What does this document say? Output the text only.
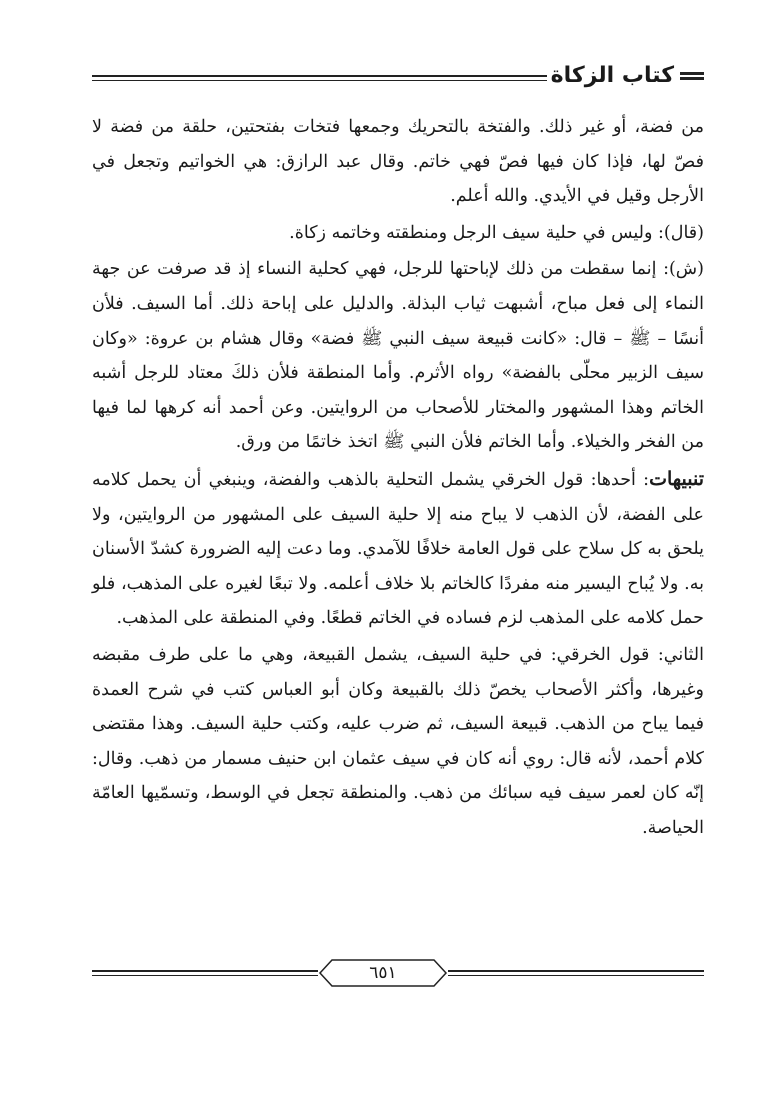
كتاب الزكاة

من فضة، أو غير ذلك. والفتخة بالتحريك وجمعها فتخات بفتحتين، حلقة من فضة لا فصّ لها، فإذا كان فيها فصّ فهي خاتم. وقال عبد الرازق: هي الخواتيم وتجعل في الأرجل وقيل في الأيدي. والله أعلم.

(قال): وليس في حلية سيف الرجل ومنطقته وخاتمه زكاة.

(ش): إنما سقطت من ذلك لإباحتها للرجل، فهي كحلية النساء إذ قد صرفت عن جهة النماء إلى فعل مباح، أشبهت ثياب البذلة. والدليل على إباحة ذلك. أما السيف. فلأن أنسًا – ﷺ – قال: «كانت قبيعة سيف النبي ﷺ فضة» وقال هشام بن عروة: «وكان سيف الزبير محلّى بالفضة» رواه الأثرم. وأما المنطقة فلأن ذلكَ معتاد للرجل أشبه الخاتم وهذا المشهور والمختار للأصحاب من الروايتين. وعن أحمد أنه كرهها لما فيها من الفخر والخيلاء. وأما الخاتم فلأن النبي ﷺ اتخذ خاتمًا من ورق.

تنبيهات: أحدها: قول الخرقي يشمل التحلية بالذهب والفضة، وينبغي أن يحمل كلامه على الفضة، لأن الذهب لا يباح منه إلا حلية السيف على المشهور من الروايتين، ولا يلحق به كل سلاح على قول العامة خلافًا للآمدي. وما دعت إليه الضرورة كشدّ الأسنان به. ولا يُباح اليسير منه مفردًا كالخاتم بلا خلاف أعلمه. ولا تبعًا لغيره على المذهب، فلو حمل كلامه على المذهب لزم فساده في الخاتم قطعًا. وفي المنطقة على المذهب.

الثاني: قول الخرقي: في حلية السيف، يشمل القبيعة، وهي ما على طرف مقبضه وغيرها، وأكثر الأصحاب يخصّ ذلك بالقبيعة وكان أبو العباس كتب في شرح العمدة فيما يباح من الذهب. قبيعة السيف، ثم ضرب عليه، وكتب حلية السيف. وهذا مقتضى كلام أحمد، لأنه قال: روي أنه كان في سيف عثمان ابن حنيف مسمار من ذهب. وقال: إنّه كان لعمر سيف فيه سبائك من ذهب. والمنطقة تجعل في الوسط، وتسمّيها العامّة الحياصة.

٦٥١
